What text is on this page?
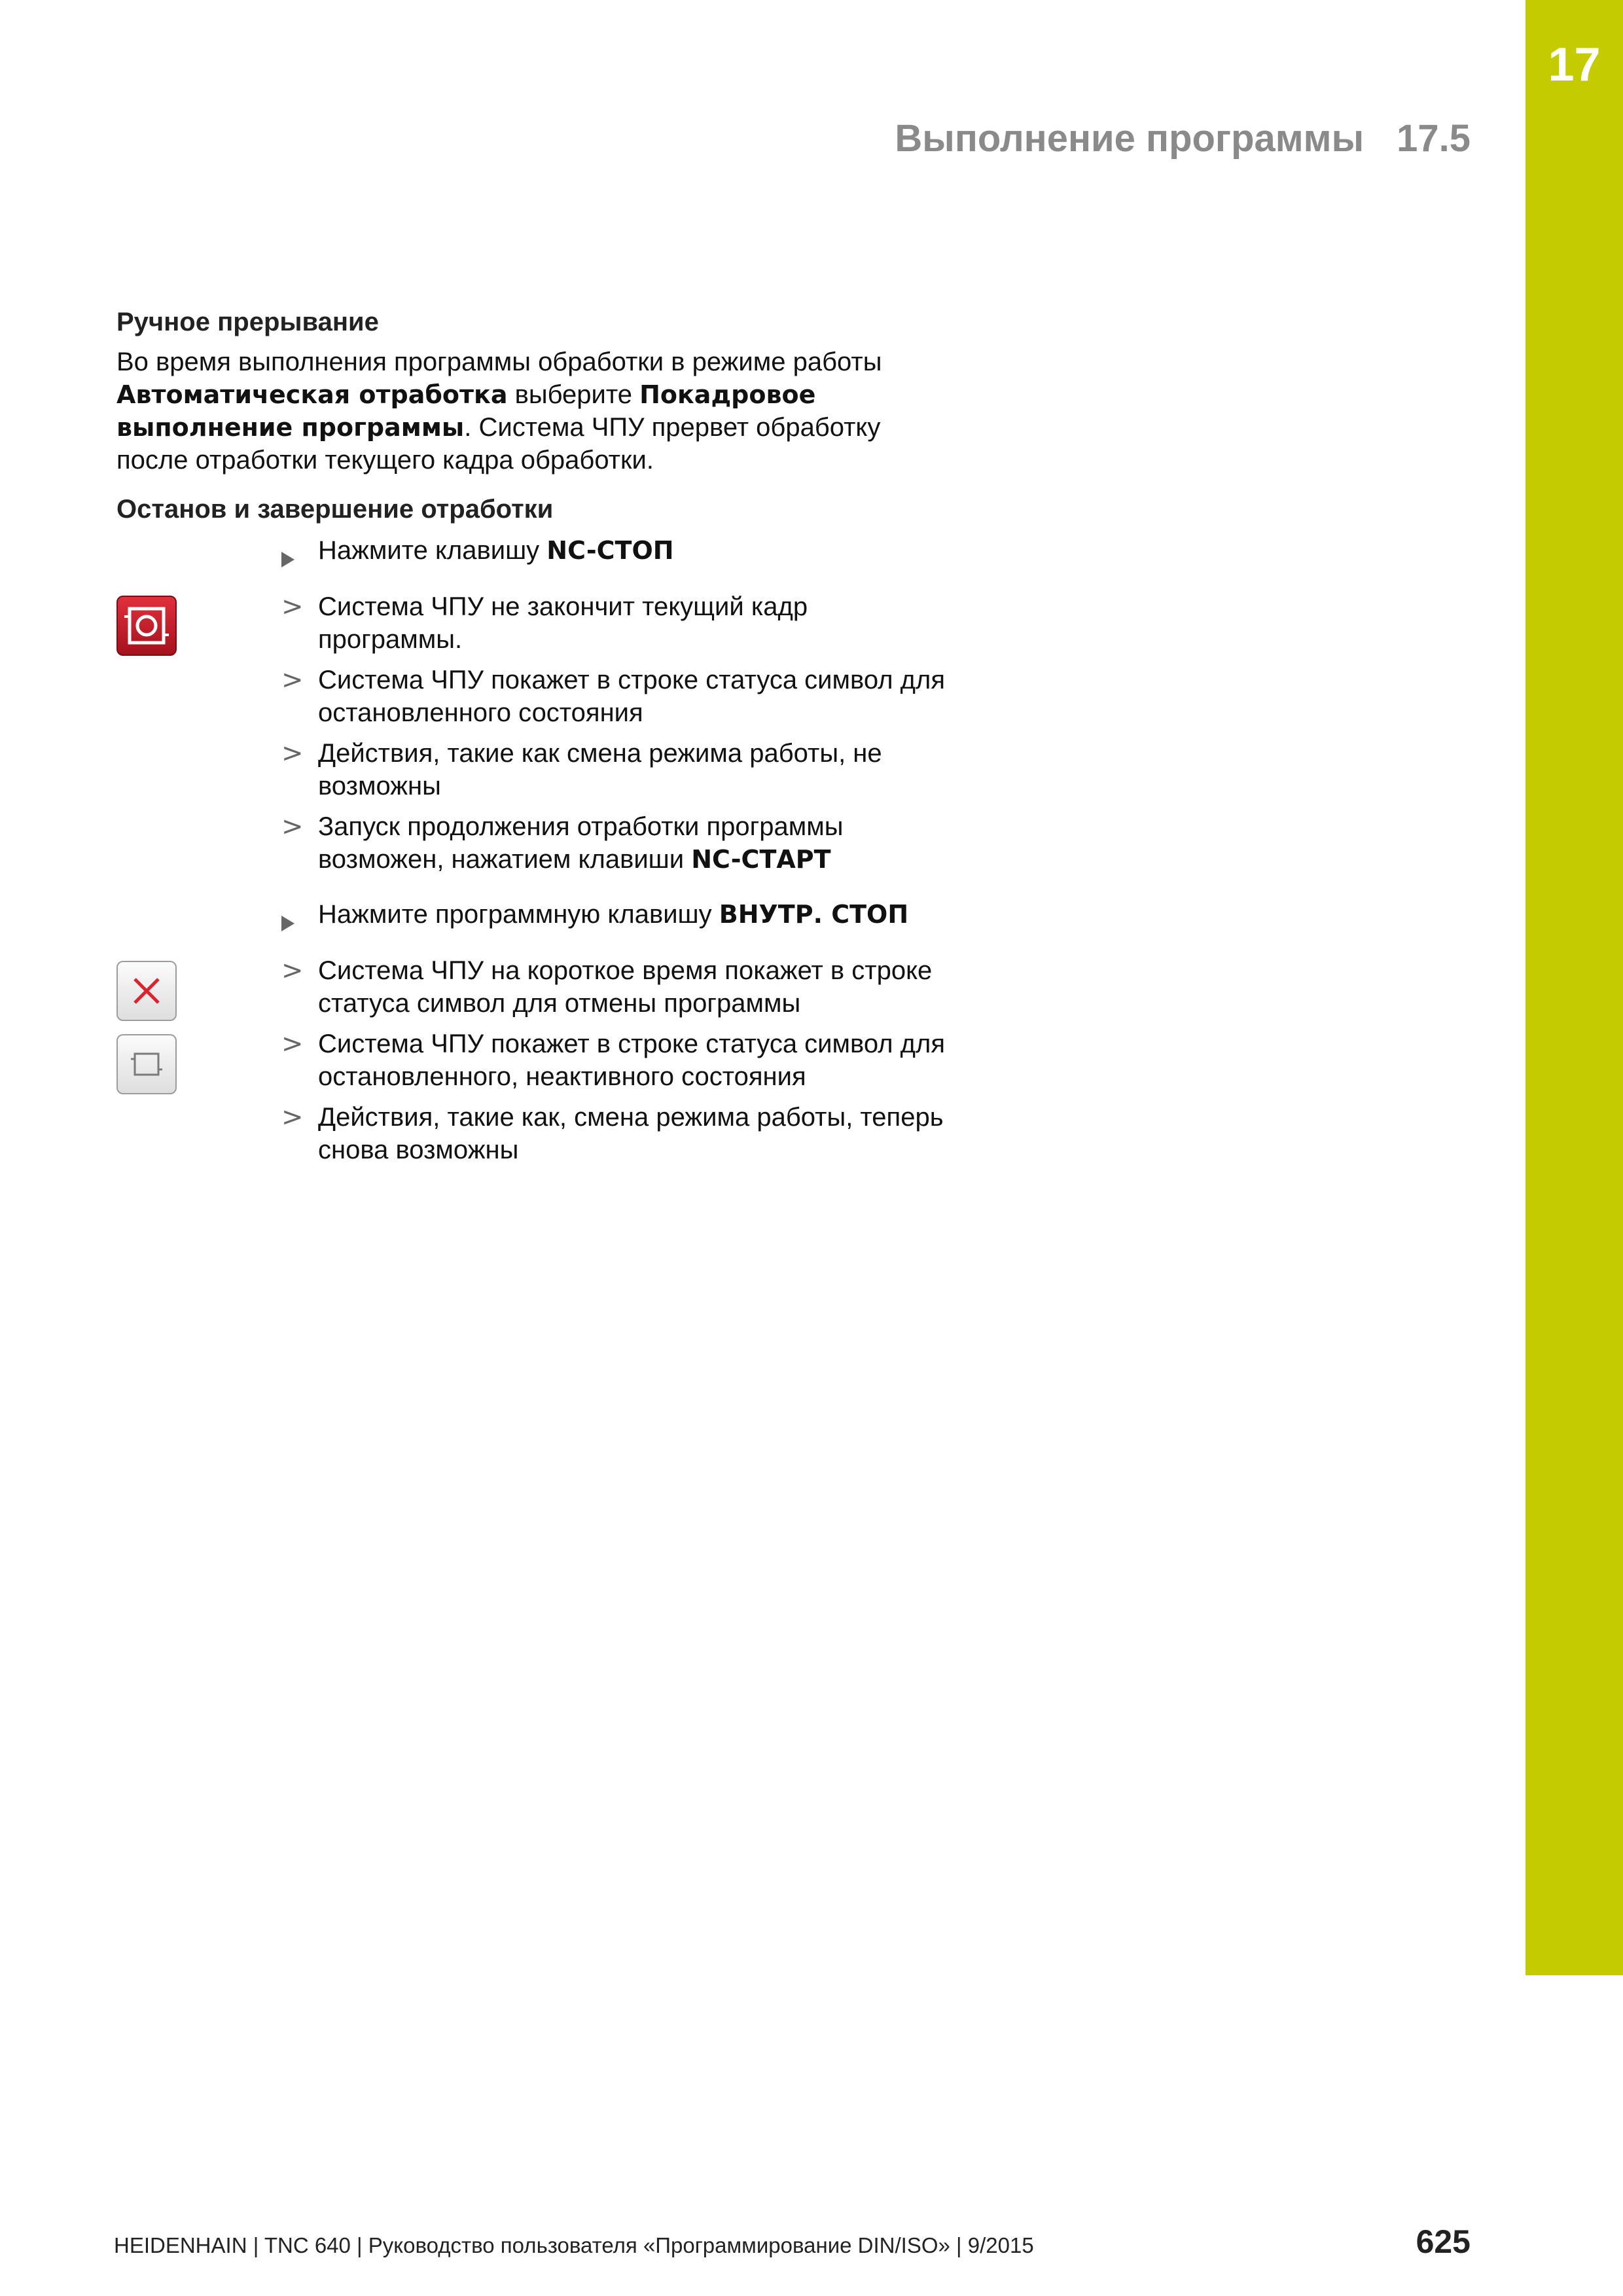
17
Выполнение программы 17.5
Ручное прерывание

Во время выполнения программы обработки в режиме работы Автоматическая отработка выберите Покадровое выполнение программы. Система ЧПУ прервет обработку после отработки текущего кадра обработки.

Останов и завершение отработки
Нажмите клавишу NC-СТОП
> Система ЧПУ не закончит текущий кадр программы.
> Система ЧПУ покажет в строке статуса символ для остановленного состояния
> Действия, такие как смена режима работы, не возможны
> Запуск продолжения отработки программы возможен, нажатием клавиши NC-СТАРТ
Нажмите программную клавишу ВНУТР. СТОП
> Система ЧПУ на короткое время покажет в строке статуса символ для отмены программы
> Система ЧПУ покажет в строке статуса символ для остановленного, неактивного состояния
> Действия, такие как, смена режима работы, теперь снова возможны
HEIDENHAIN | TNC 640 | Руководство пользователя «Программирование DIN/ISO» | 9/2015	625
